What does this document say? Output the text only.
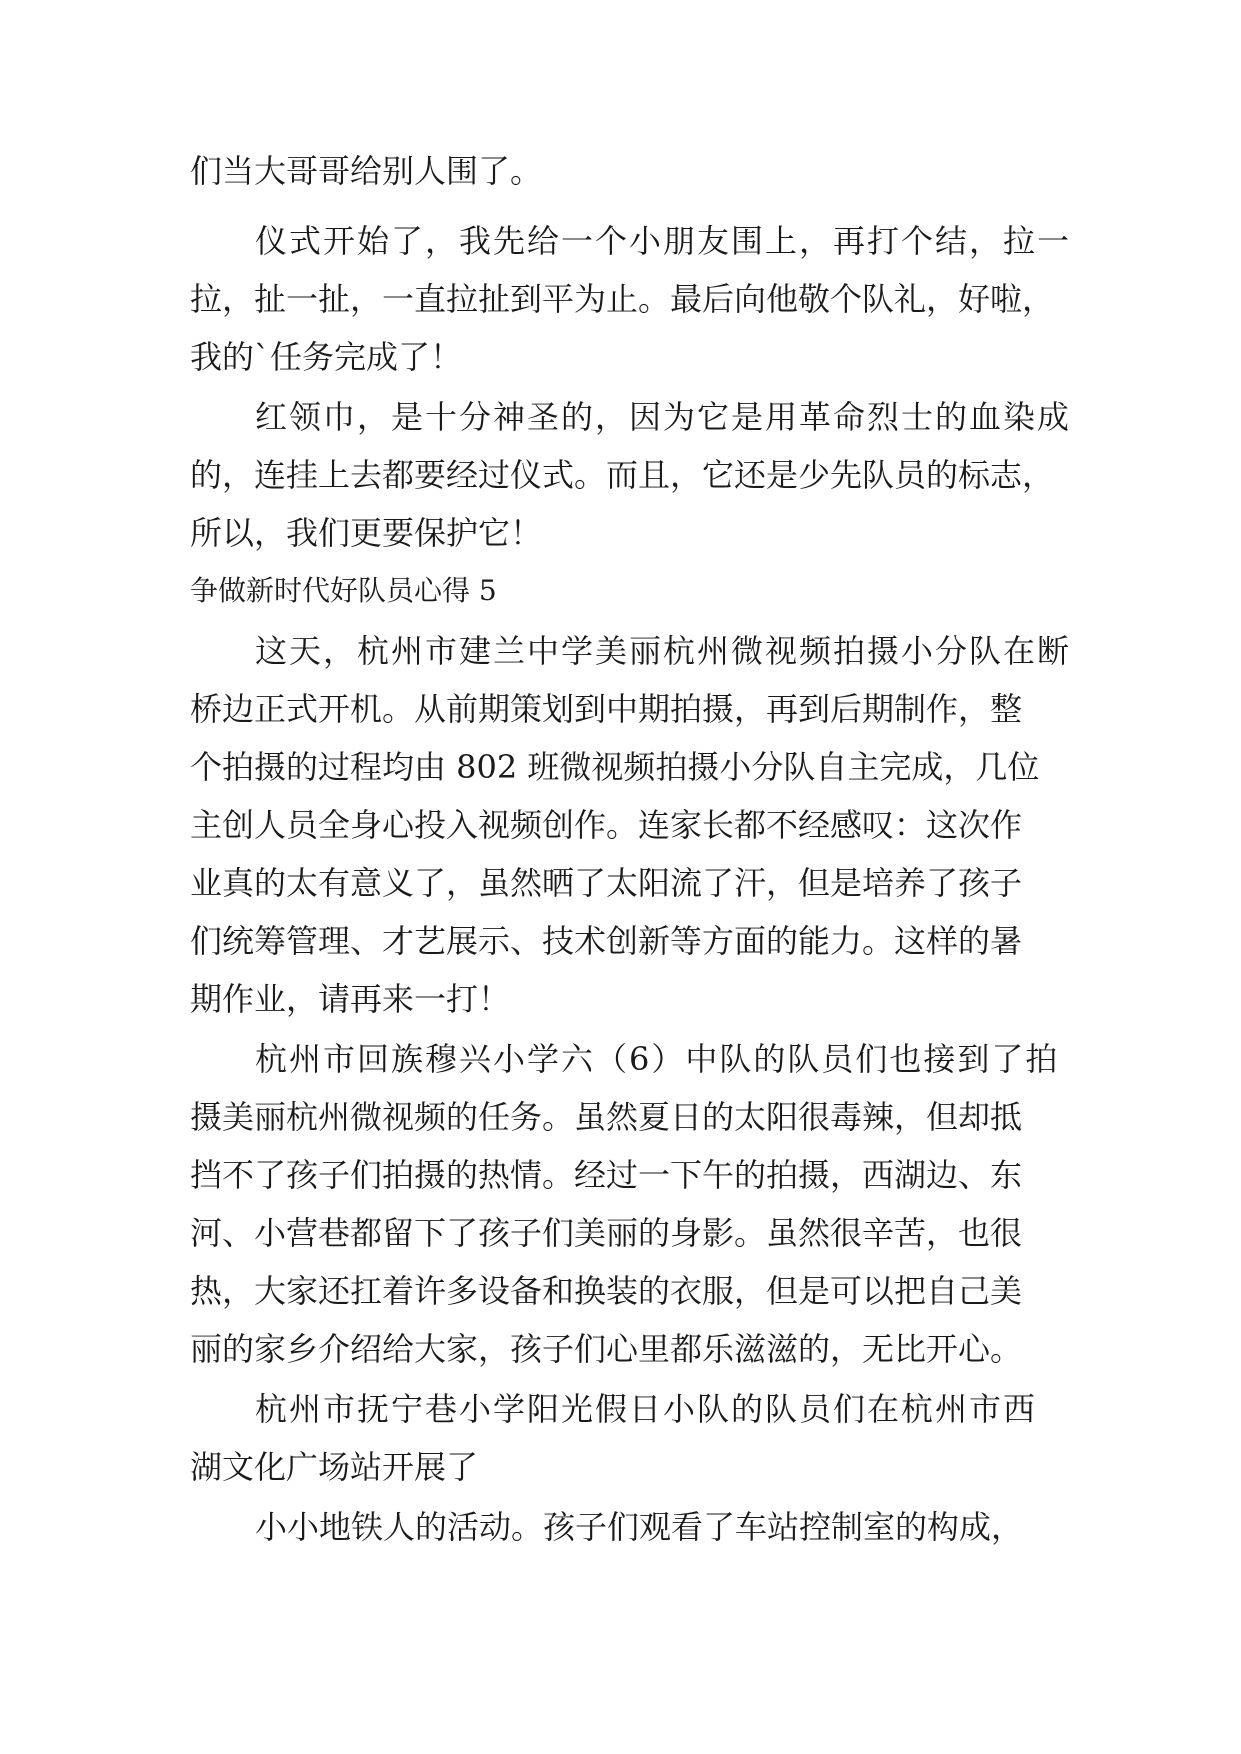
们当大哥哥给别人围了。
仪式开始了，我先给一个小朋友围上，再打个结，拉一
拉，扯一扯，一直拉扯到平为止。最后向他敬个队礼，好啦，
我的`任务完成了！
红领巾，是十分神圣的，因为它是用革命烈士的血染成
的，连挂上去都要经过仪式。而且，它还是少先队员的标志，
所以，我们更要保护它！
争做新时代好队员心得 5
这天，杭州市建兰中学美丽杭州微视频拍摄小分队在断
桥边正式开机。从前期策划到中期拍摄，再到后期制作，整
个拍摄的过程均由 802 班微视频拍摄小分队自主完成，几位
主创人员全身心投入视频创作。连家长都不经感叹：这次作
业真的太有意义了，虽然晒了太阳流了汗，但是培养了孩子
们统筹管理、才艺展示、技术创新等方面的能力。这样的暑
期作业，请再来一打！
杭州市回族穆兴小学六（6）中队的队员们也接到了拍
摄美丽杭州微视频的任务。虽然夏日的太阳很毒辣，但却抵
挡不了孩子们拍摄的热情。经过一下午的拍摄，西湖边、东
河、小营巷都留下了孩子们美丽的身影。虽然很辛苦，也很
热，大家还扛着许多设备和换装的衣服，但是可以把自己美
丽的家乡介绍给大家，孩子们心里都乐滋滋的，无比开心。
杭州市抚宁巷小学阳光假日小队的队员们在杭州市西
湖文化广场站开展了
小小地铁人的活动。孩子们观看了车站控制室的构成，
